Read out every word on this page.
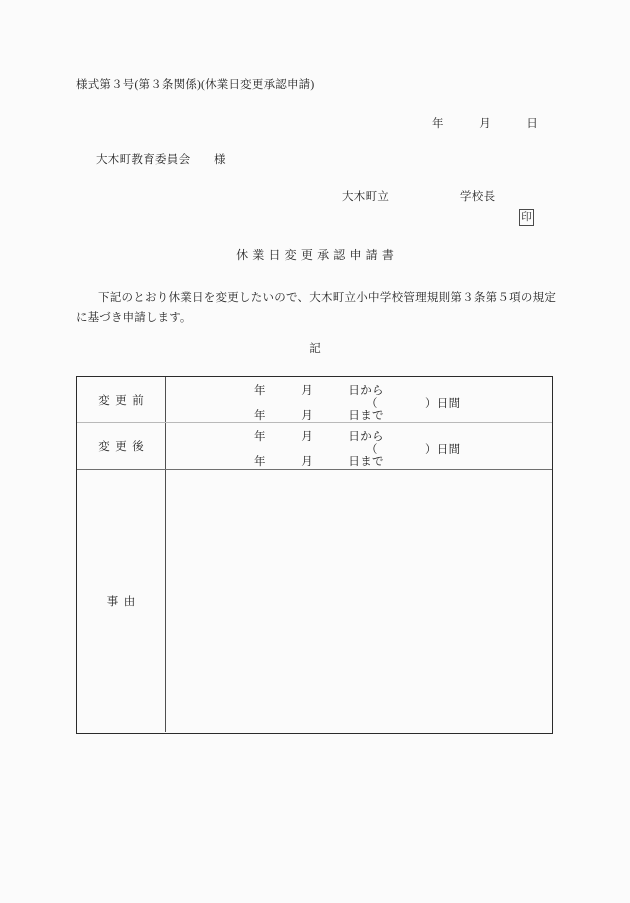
様式第３号(第３条関係)(休業日変更承認申請)
年　　　月　　　日
大木町教育委員会　　様
大木町立　　　　　　学校長
印
休業日変更承認申請書
下記のとおり休業日を変更したいので、大木町立小中学校管理規則第３条第５項の規定に基づき申請します。
記
変更前
年　　　月　　　日から
（　　　　）日間
年　　　月　　　日まで
変更後
年　　　月　　　日から
（　　　　）日間
年　　　月　　　日まで
事由
